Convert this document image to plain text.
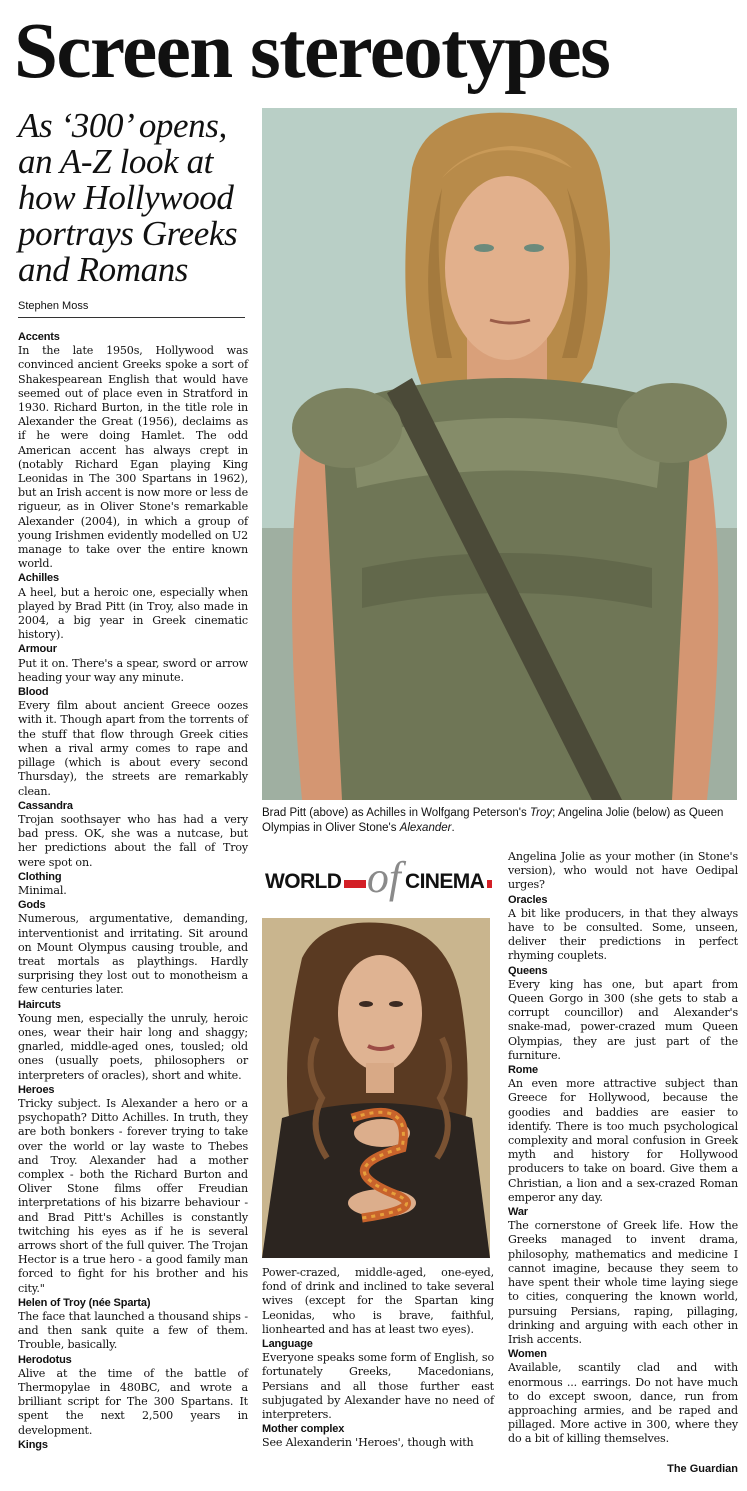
Screen stereotypes
As ‘300’ opens, an A-Z look at how Hollywood portrays Greeks and Romans
Stephen Moss
Brad Pitt (above) as Achilles in Wolfgang Peterson's Troy; Angelina Jolie (below) as Queen Olympias in Oliver Stone's Alexander.
WORLD of CINEMA
Accents

In the late 1950s, Hollywood was convinced ancient Greeks spoke a sort of Shakespearean English that would have seemed out of place even in Stratford in 1930. Richard Burton, in the title role in Alexander the Great (1956), declaims as if he were doing Hamlet. The odd American accent has always crept in (notably Richard Egan playing King Leonidas in The 300 Spartans in 1962), but an Irish accent is now more or less de rigueur, as in Oliver Stone's remarkable Alexander (2004), in which a group of young Irishmen evidently modelled on U2 manage to take over the entire known world.

Achilles

A heel, but a heroic one, especially when played by Brad Pitt (in Troy, also made in 2004, a big year in Greek cinematic history).

Armour

Put it on. There's a spear, sword or arrow heading your way any minute.

Blood

Every film about ancient Greece oozes with it. Though apart from the torrents of the stuff that flow through Greek cities when a rival army comes to rape and pillage (which is about every second Thursday), the streets are remarkably clean.

Cassandra

Trojan soothsayer who has had a very bad press. OK, she was a nutcase, but her predictions about the fall of Troy were spot on.

Clothing

Minimal.

Gods

Numerous, argumentative, demanding, interventionist and irritating. Sit around on Mount Olympus causing trouble, and treat mortals as playthings. Hardly surprising they lost out to monotheism a few centuries later.

Haircuts

Young men, especially the unruly, heroic ones, wear their hair long and shaggy; gnarled, middle-aged ones, tousled; old ones (usually poets, philosophers or interpreters of oracles), short and white.

Heroes

Tricky subject. Is Alexander a hero or a psychopath? Ditto Achilles. In truth, they are both bonkers - forever trying to take over the world or lay waste to Thebes and Troy. Alexander had a mother complex - both the Richard Burton and Oliver Stone films offer Freudian interpretations of his bizarre behaviour - and Brad Pitt's Achilles is constantly twitching his eyes as if he is several arrows short of the full quiver. The Trojan Hector is a true hero - a good family man forced to fight for his brother and his city."

Helen of Troy (née Sparta)

The face that launched a thousand ships - and then sank quite a few of them. Trouble, basically.

Herodotus

Alive at the time of the battle of Thermopylae in 480BC, and wrote a brilliant script for The 300 Spartans. It spent the next 2,500 years in development.

Kings

Power-crazed, middle-aged, one-eyed, fond of drink and inclined to take several wives (except for the Spartan king Leonidas, who is brave, faithful, lionhearted and has at least two eyes).

Language

Everyone speaks some form of English, so fortunately Greeks, Macedonians, Persians and all those further east subjugated by Alexander have no need of interpreters.

Mother complex

See Alexanderin 'Heroes', though with

Angelina Jolie as your mother (in Stone's version), who would not have Oedipal urges?

Oracles

A bit like producers, in that they always have to be consulted. Some, unseen, deliver their predictions in perfect rhyming couplets.

Queens

Every king has one, but apart from Queen Gorgo in 300 (she gets to stab a corrupt councillor) and Alexander's snake-mad, power-crazed mum Queen Olympias, they are just part of the furniture.

Rome

An even more attractive subject than Greece for Hollywood, because the goodies and baddies are easier to identify. There is too much psychological complexity and moral confusion in Greek myth and history for Hollywood producers to take on board. Give them a Christian, a lion and a sex-crazed Roman emperor any day.

War

The cornerstone of Greek life. How the Greeks managed to invent drama, philosophy, mathematics and medicine I cannot imagine, because they seem to have spent their whole time laying siege to cities, conquering the known world, pursuing Persians, raping, pillaging, drinking and arguing with each other in Irish accents.

Women

Available, scantily clad and with enormous ... earrings. Do not have much to do except swoon, dance, run from approaching armies, and be raped and pillaged. More active in 300, where they do a bit of killing themselves.

The Guardian
